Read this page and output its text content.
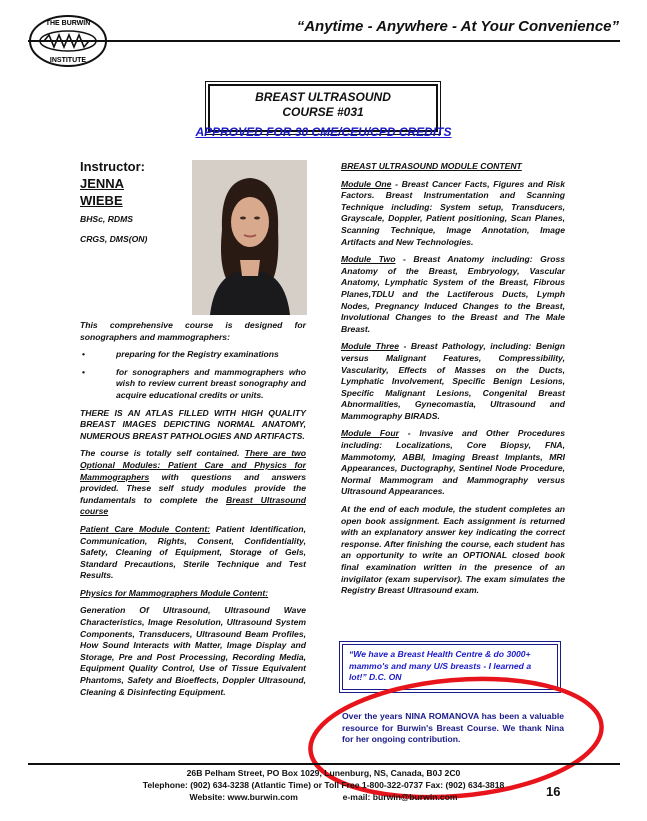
THE BURWIN
INSTITUTE
“Anytime - Anywhere - At Your Convenience”
BREAST ULTRASOUND
COURSE #031
APPROVED FOR 30 CME/CEU/CPD CREDITS
Instructor:
JENNA
WIEBE
BHSc, RDMS
CRGS, DMS(ON)

This comprehensive course is designed for sonographers and mammographers:

• preparing for the Registry examinations
• for sonographers and mammographers who wish to review current breast sonography and acquire educational credits or units.

THERE IS AN ATLAS FILLED WITH HIGH QUALITY BREAST IMAGES DEPICTING NORMAL ANATOMY, NUMEROUS BREAST PATHOLOGIES AND ARTIFACTS.

The course is totally self contained. There are two Optional Modules: Patient Care and Physics for Mammographers with questions and answers provided. These self study modules provide the fundamentals to complete the Breast Ultrasound course

Patient Care Module Content: Patient Identification, Communication, Rights, Consent, Confidentiality, Safety, Cleaning of Equipment, Storage of Gels, Standard Precautions, Sterile Technique and Test Results.

Physics for Mammographers Module Content:

Generation Of Ultrasound, Ultrasound Wave Characteristics, Image Resolution, Ultrasound System Components, Transducers, Ultrasound Beam Profiles, How Sound Interacts with Matter, Image Display and Storage, Pre and Post Processing, Recording Media, Equipment Quality Control, Use of Tissue Equivalent Phantoms, Safety and Bioeffects, Doppler Ultrasound, Cleaning & Disinfecting Equipment.

BREAST ULTRASOUND MODULE CONTENT

Module One - Breast Cancer Facts, Figures and Risk Factors. Breast Instrumentation and Scanning Technique including: System setup, Transducers, Grayscale, Doppler, Patient positioning, Scan Planes, Scanning Technique, Image Annotation, Image Artifacts and New Technologies.

Module Two - Breast Anatomy including: Gross Anatomy of the Breast, Embryology, Vascular Anatomy, Lymphatic System of the Breast, Fibrous Planes,TDLU and the Lactiferous Ducts, Lymph Nodes, Pregnancy Induced Changes to the Breast, Involutional Changes to the Breast and The Male Breast.

Module Three - Breast Pathology, including: Benign versus Malignant Features, Compressibility, Vascularity, Effects of Masses on the Ducts, Lymphatic Involvement, Specific Benign Lesions, Specific Malignant Lesions, Congenital Breast Abnormalities, Gynecomastia, Ultrasound and Mammography BIRADS.

Module Four - Invasive and Other Procedures including: Localizations, Core Biopsy, FNA, Mammotomy, ABBI, Imaging Breast Implants, MRI Appearances, Ductography, Sentinel Node Procedure, Normal Mammogram and Mammography versus Ultrasound Appearances.

At the end of each module, the student completes an open book assignment. Each assignment is returned with an explanatory answer key indicating the correct response. After finishing the course, each student has an opportunity to write an OPTIONAL closed book final examination written in the presence of an invigilator (exam supervisor). The exam simulates the Registry Breast Ultrasound exam.

“We have a Breast Health Centre & do 3000+ mammo's and many U/S breasts - I learned a lot!” D.C. ON
Over the years NINA ROMANOVA has been a valuable resource for Burwin's Breast Course. We thank Nina for her ongoing contribution.
26B Pelham Street, PO Box 1029, Lunenburg, NS, Canada, B0J 2C0
Telephone: (902) 634-3238 (Atlantic Time) or Toll Free 1-800-322-0737 Fax: (902) 634-3818
Website: www.burwin.com	e-mail: burwin@burwin.com	16
